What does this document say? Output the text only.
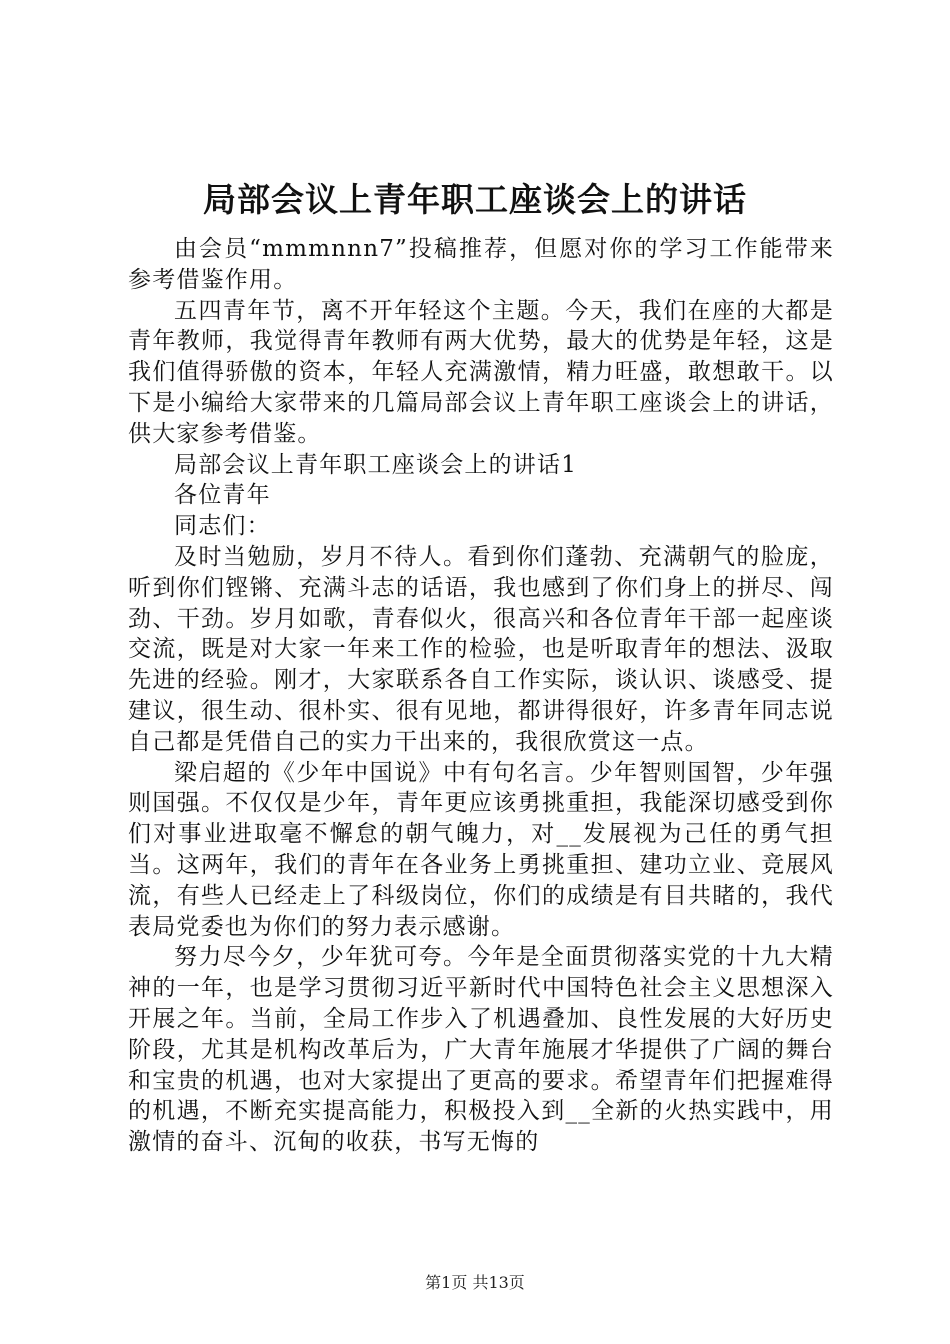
局部会议上青年职工座谈会上的讲话

由会员“mmmnnn7”投稿推荐，但愿对你的学习工作能带来参考借鉴作用。

五四青年节，离不开年轻这个主题。今天，我们在座的大都是青年教师，我觉得青年教师有两大优势，最大的优势是年轻，这是我们值得骄傲的资本，年轻人充满激情，精力旺盛，敢想敢干。以下是小编给大家带来的几篇局部会议上青年职工座谈会上的讲话，供大家参考借鉴。

局部会议上青年职工座谈会上的讲话1

各位青年

同志们：

及时当勉励，岁月不待人。看到你们蓬勃、充满朝气的脸庞，听到你们铿锵、充满斗志的话语，我也感到了你们身上的拼尽、闯劲、干劲。岁月如歌，青春似火，很高兴和各位青年干部一起座谈交流，既是对大家一年来工作的检验，也是听取青年的想法、汲取先进的经验。刚才，大家联系各自工作实际，谈认识、谈感受、提建议，很生动、很朴实、很有见地，都讲得很好，许多青年同志说自己都是凭借自己的实力干出来的，我很欣赏这一点。

梁启超的《少年中国说》中有句名言。少年智则国智，少年强则国强。不仅仅是少年，青年更应该勇挑重担，我能深切感受到你们对事业进取毫不懈怠的朝气魄力，对__发展视为己任的勇气担当。这两年，我们的青年在各业务上勇挑重担、建功立业、竞展风流，有些人已经走上了科级岗位，你们的成绩是有目共睹的，我代表局党委也为你们的努力表示感谢。

努力尽今夕，少年犹可夸。今年是全面贯彻落实党的十九大精神的一年，也是学习贯彻习近平新时代中国特色社会主义思想深入开展之年。当前，全局工作步入了机遇叠加、良性发展的大好历史阶段，尤其是机构改革后为，广大青年施展才华提供了广阔的舞台和宝贵的机遇，也对大家提出了更高的要求。希望青年们把握难得的机遇，不断充实提高能力，积极投入到__全新的火热实践中，用激情的奋斗、沉甸的收获，书写无悔的

第1页 共13页
